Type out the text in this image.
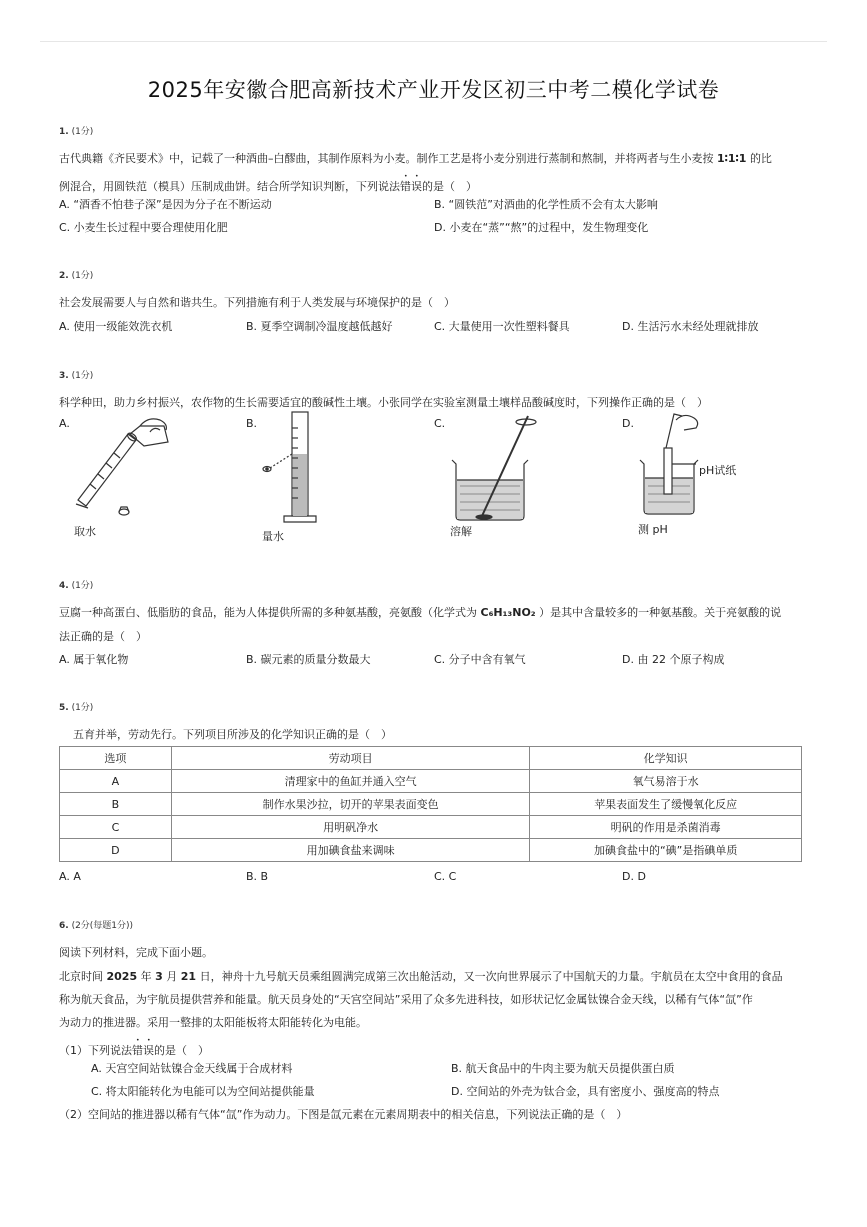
2025年安徽合肥高新技术产业开发区初三中考二模化学试卷
1. (1分)
古代典籍《齐民要术》中，记载了一种酒曲–白醪曲，其制作原料为小麦。制作工艺是将小麦分别进行蒸制和熬制，并将两者与生小麦按 1∶1∶1 的比
例混合，用圆铁范（模具）压制成曲饼。结合所学知识判断，下列说法错误的是（　）
A. “酒香不怕巷子深”是因为分子在不断运动	B. “圆铁范”对酒曲的化学性质不会有太大影响
C. 小麦生长过程中要合理使用化肥	D. 小麦在“蒸”“熬”的过程中，发生物理变化
2. (1分)
社会发展需要人与自然和谐共生。下列措施有利于人类发展与环境保护的是（　）
A. 使用一级能效洗衣机	B. 夏季空调制冷温度越低越好	C. 大量使用一次性塑料餐具	D. 生活污水未经处理就排放
3. (1分)
科学种田，助力乡村振兴，农作物的生长需要适宜的酸碱性土壤。小张同学在实验室测量土壤样品酸碱度时，下列操作正确的是（　）
A.	B.	C.	D.
取水	量水	溶解
pH试纸
测 pH
4. (1分)
豆腐一种高蛋白、低脂肪的食品，能为人体提供所需的多种氨基酸，亮氨酸（化学式为 C₆H₁₃NO₂ ）是其中含量较多的一种氨基酸。关于亮氨酸的说
法正确的是（　）
A. 属于氧化物	B. 碳元素的质量分数最大	C. 分子中含有氧气	D. 由 22 个原子构成
5. (1分)
五育并举，劳动先行。下列项目所涉及的化学知识正确的是（　）
选项	劳动项目	化学知识
A	清理家中的鱼缸并通入空气	氧气易溶于水
B	制作水果沙拉，切开的苹果表面变色	苹果表面发生了缓慢氧化反应
C	用明矾净水	明矾的作用是杀菌消毒
D	用加碘食盐来调味	加碘食盐中的“碘”是指碘单质
A. A	B. B	C. C	D. D
6. (2分(每题1分))
阅读下列材料，完成下面小题。
北京时间 2025 年 3 月 21 日，神舟十九号航天员乘组圆满完成第三次出舱活动，又一次向世界展示了中国航天的力量。宇航员在太空中食用的食品
称为航天食品，为宇航员提供营养和能量。航天员身处的“天宫空间站”采用了众多先进科技，如形状记忆金属钛镍合金天线，以稀有气体“氙”作
为动力的推进器。采用一整排的太阳能板将太阳能转化为电能。
（1）下列说法错误的是（　）
A. 天宫空间站钛镍合金天线属于合成材料	B. 航天食品中的牛肉主要为航天员提供蛋白质
C. 将太阳能转化为电能可以为空间站提供能量	D. 空间站的外壳为钛合金，具有密度小、强度高的特点
（2）空间站的推进器以稀有气体“氙”作为动力。下图是氙元素在元素周期表中的相关信息，下列说法正确的是（　）
